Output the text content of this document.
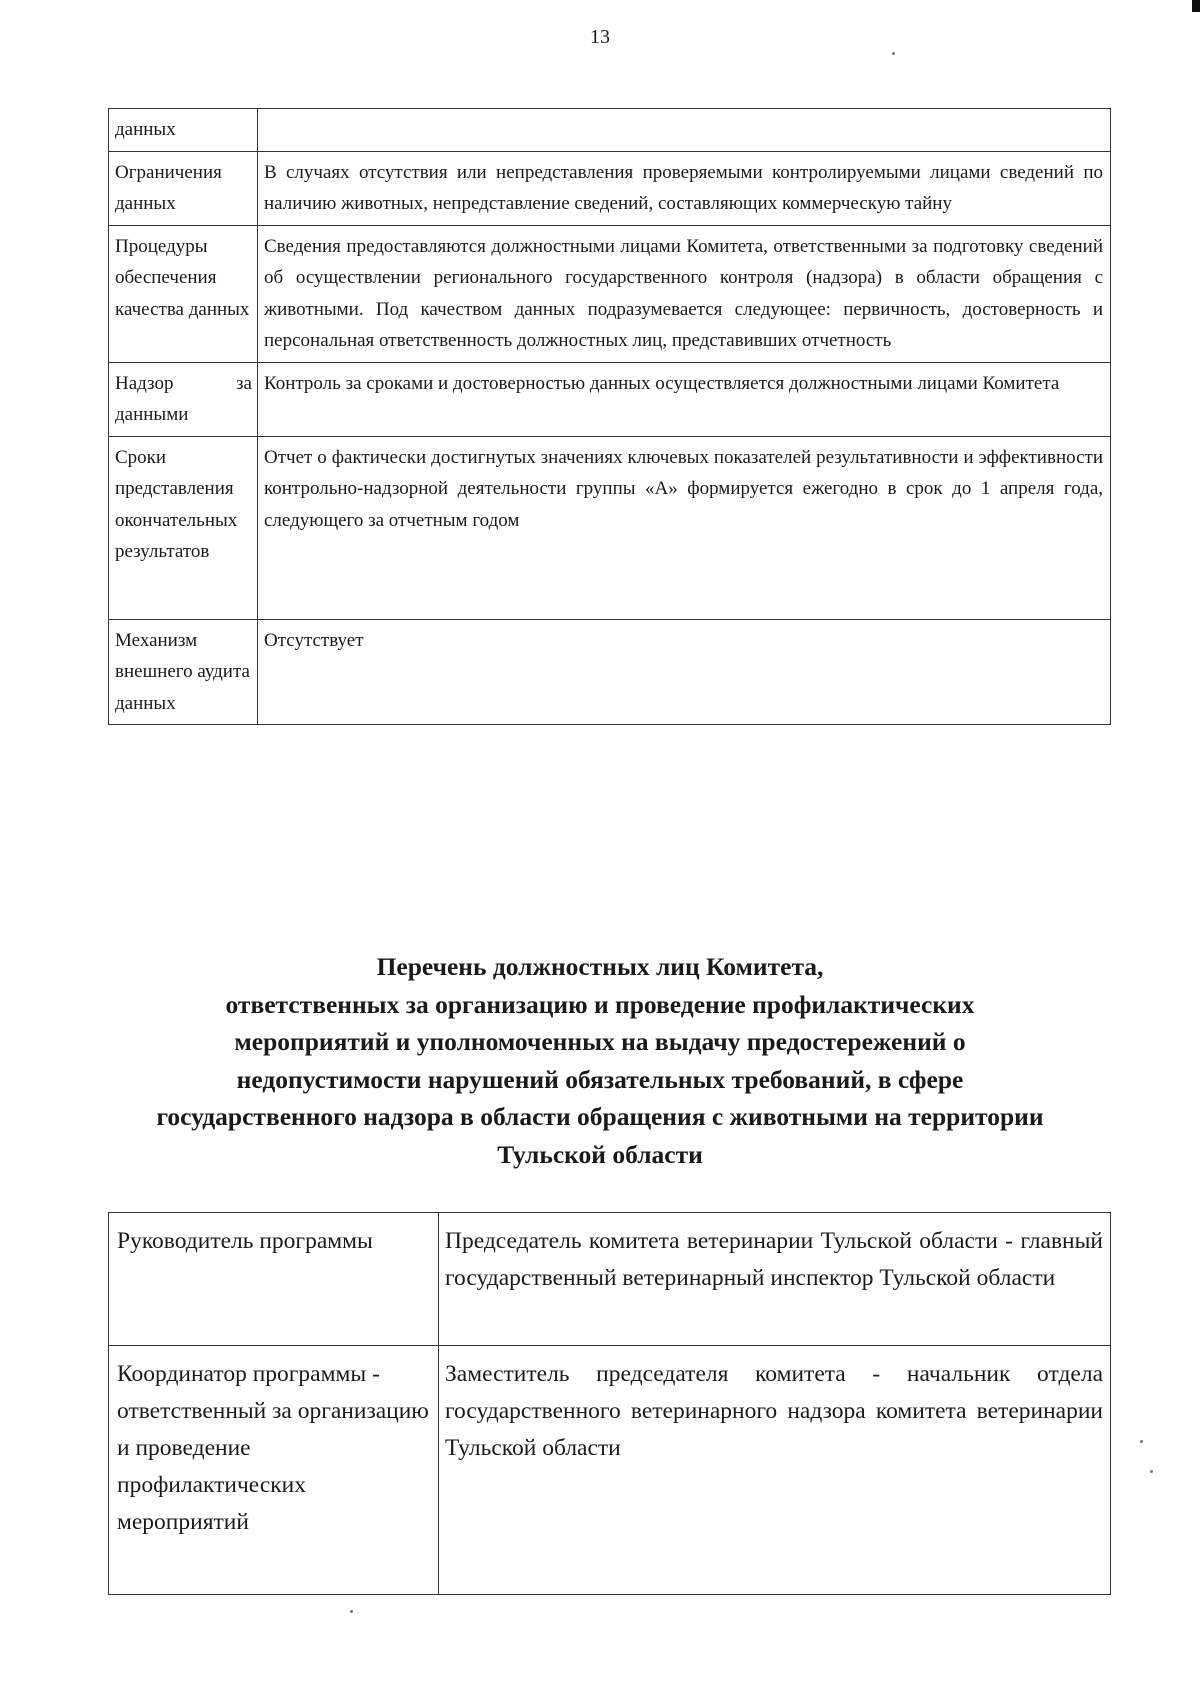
13
данных	
Ограничения данных	В случаях отсутствия или непредставления проверяемыми контролируемыми лицами сведений по наличию животных, непредставление сведений, составляющих коммерческую тайну
Процедуры обеспечения качества данных	Сведения предоставляются должностными лицами Комитета, ответственными за подготовку сведений об осуществлении регионального государственного контроля (надзора) в области обращения с животными. Под качеством данных подразумевается следующее: первичность, достоверность и персональная ответственность должностных лиц, представивших отчетность
Надзор за данными	Контроль за сроками и достоверностью данных осуществляется должностными лицами Комитета
Сроки представления окончательных результатов	Отчет о фактически достигнутых значениях ключевых показателей результативности и эффективности контрольно-надзорной деятельности группы «А» формируется ежегодно в срок до 1 апреля года, следующего за отчетным годом
Механизм внешнего аудита данных	Отсутствует
Перечень должностных лиц Комитета,
ответственных за организацию и проведение профилактических
мероприятий и уполномоченных на выдачу предостережений о
недопустимости нарушений обязательных требований, в сфере
государственного надзора в области обращения с животными на территории
Тульской области
Руководитель программы	Председатель комитета ветеринарии Тульской области - главный государственный ветеринарный инспектор Тульской области
Координатор программы - ответственный за организацию и проведение профилактических мероприятий	Заместитель председателя комитета - начальник отдела государственного ветеринарного надзора комитета ветеринарии Тульской области
